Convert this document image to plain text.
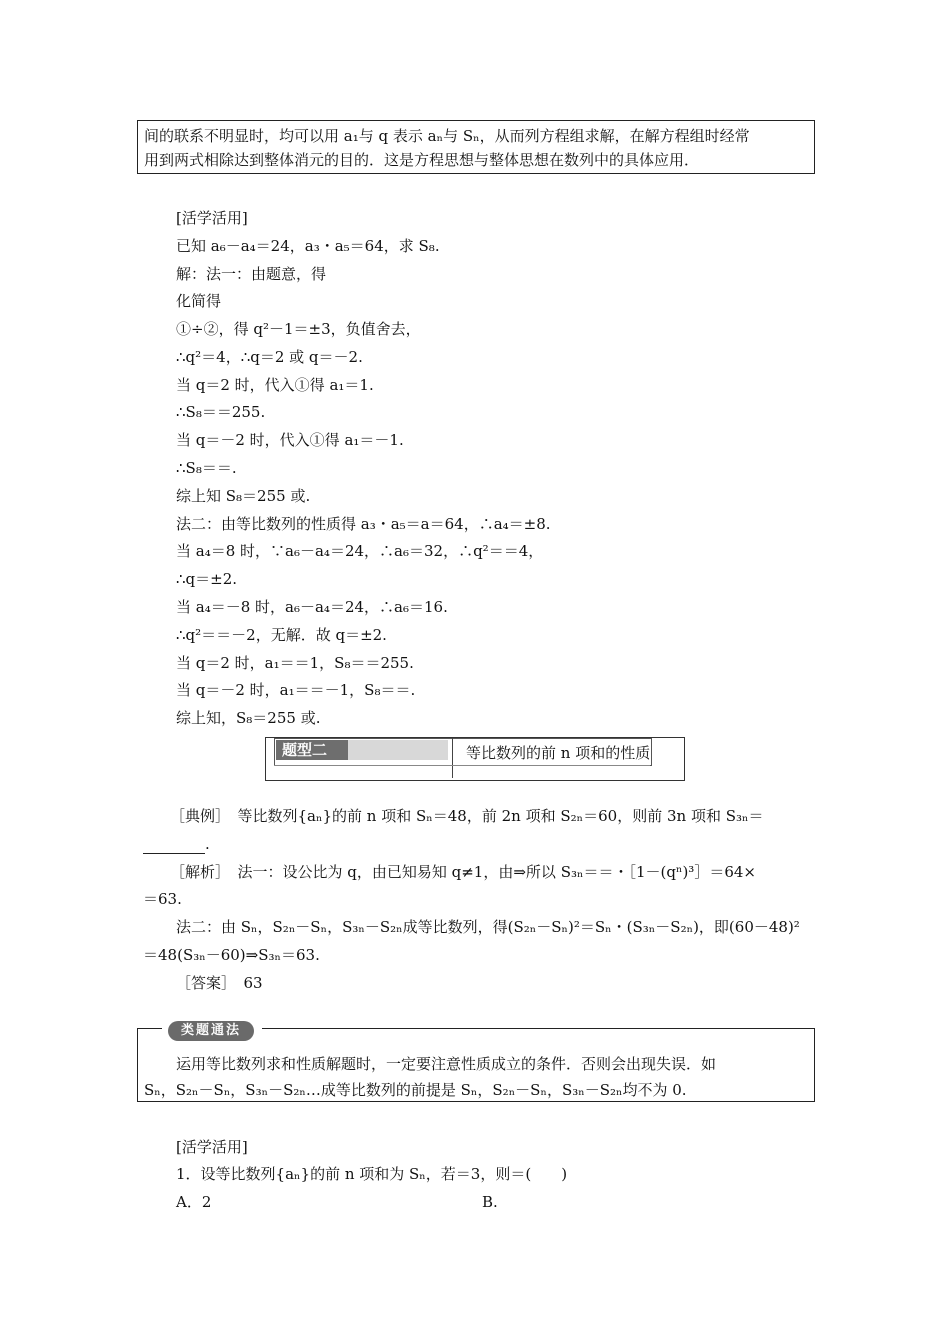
间的联系不明显时，均可以用 a₁与 q 表示 aₙ与 Sₙ，从而列方程组求解，在解方程组时经常
用到两式相除达到整体消元的目的．这是方程思想与整体思想在数列中的具体应用．
[活学活用]
已知 a₆－a₄＝24，a₃・a₅＝64，求 S₈.
解：法一：由题意，得
化简得
①÷②，得 q²－1＝±3，负值舍去，
∴q²＝4，∴q＝2 或 q＝－2.
当 q＝2 时，代入①得 a₁＝1.
∴S₈＝＝255.
当 q＝－2 时，代入①得 a₁＝－1.
∴S₈＝＝.
综上知 S₈＝255 或.
法二：由等比数列的性质得 a₃・a₅＝a＝64，∴a₄＝±8.
当 a₄＝8 时，∵a₆－a₄＝24，∴a₆＝32，∴q²＝＝4，
∴q＝±2.
当 a₄＝－8 时，a₆－a₄＝24，∴a₆＝16.
∴q²＝＝－2，无解．故 q＝±2.
当 q＝2 时，a₁＝＝1，S₈＝＝255.
当 q＝－2 时，a₁＝＝－1，S₈＝＝.
综上知，S₈＝255 或.
题型二	等比数列的前 n 项和的性质
［典例］　等比数列{aₙ}的前 n 项和 Sₙ＝48，前 2n 项和 S₂ₙ＝60，则前 3n 项和 S₃ₙ＝
.
［解析］　法一：设公比为 q，由已知易知 q≠1，由⇒所以 S₃ₙ＝＝・［1－(qⁿ)³］＝64×
＝63.
法二：由 Sₙ，S₂ₙ－Sₙ，S₃ₙ－S₂ₙ成等比数列，得(S₂ₙ－Sₙ)²＝Sₙ・(S₃ₙ－S₂ₙ)，即(60－48)²
＝48(S₃ₙ－60)⇒S₃ₙ＝63.
［答案］　63
类题通法
运用等比数列求和性质解题时，一定要注意性质成立的条件．否则会出现失误．如
Sₙ，S₂ₙ－Sₙ，S₃ₙ－S₂ₙ…成等比数列的前提是 Sₙ，S₂ₙ－Sₙ，S₃ₙ－S₂ₙ均不为 0.
[活学活用]
1．设等比数列{aₙ}的前 n 项和为 Sₙ，若＝3，则＝(　　)
A．2	B.
